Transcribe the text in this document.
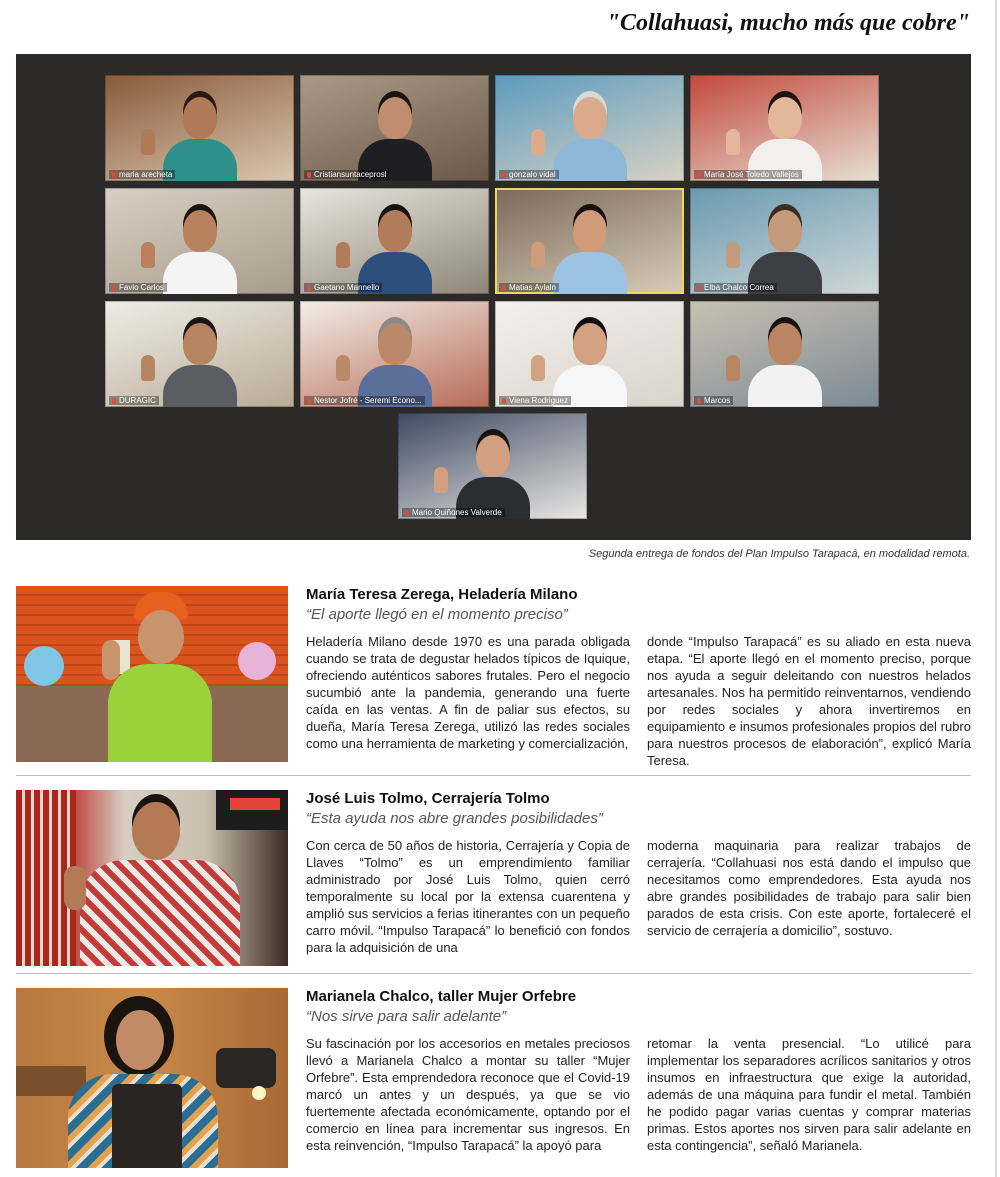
"Collahuasi, mucho más que cobre"
maria arecheta	Cristiansuntaceprosl	gonzalo vidal	María José Toledo Vallejos
Favio Carlos	Gaetano Mannello	Matias Aylaln	Elba Chalco Correa
DURAGIC	Nestor Jofré - Seremi Econo...	Viena Rodriguez	Marcos
Mario Quiñones Valverde
Segunda entrega de fondos del Plan Impulso Tarapacá, en modalidad remota.
María Teresa Zerega, Heladería Milano
“El aporte llegó en el momento preciso”

Heladería Milano desde 1970 es una parada obligada cuando se trata de degustar helados típicos de Iquique, ofreciendo auténticos sabores frutales. Pero el negocio sucumbió ante la pandemia, generando una fuerte caída en las ventas. A fin de paliar sus efectos, su dueña, María Teresa Zerega, utilizó las redes sociales como una herramienta de marketing y comercialización,

donde “Impulso Tarapacá” es su aliado en esta nueva etapa. “El aporte llegó en el momento preciso, porque nos ayuda a seguir deleitando con nuestros helados artesanales. Nos ha permitido reinventarnos, vendiendo por redes sociales y ahora invertiremos en equipamiento e insumos profesionales propios del rubro para nuestros procesos de elaboración”, explicó María Teresa.

José Luis Tolmo, Cerrajería Tolmo
“Esta ayuda nos abre grandes posibilidades”

Con cerca de 50 años de historia, Cerrajería y Copia de Llaves “Tolmo” es un emprendimiento familiar administrado por José Luis Tolmo, quien cerró temporalmente su local por la extensa cuarentena y amplió sus servicios a ferias itinerantes con un pequeño carro móvil. “Impulso Tarapacá” lo benefició con fondos para la adquisición de una

moderna maquinaria para realizar trabajos de cerrajería. “Collahuasi nos está dando el impulso que necesitamos como emprendedores. Esta ayuda nos abre grandes posibilidades de trabajo para salir bien parados de esta crisis. Con este aporte, fortaleceré el servicio de cerrajería a domicilio”, sostuvo.

Marianela Chalco, taller Mujer Orfebre
“Nos sirve para salir adelante”

Su fascinación por los accesorios en metales preciosos llevó a Marianela Chalco a montar su taller “Mujer Orfebre”. Esta emprendedora reconoce que el Covid-19 marcó un antes y un después, ya que se vio fuertemente afectada económicamente, optando por el comercio en línea para incrementar sus ingresos. En esta reinvención, “Impulso Tarapacá” la apoyó para

retomar la venta presencial. “Lo utilicé para implementar los separadores acrílicos sanitarios y otros insumos en infraestructura que exige la autoridad, además de una máquina para fundir el metal. También he podido pagar varias cuentas y comprar materias primas. Estos aportes nos sirven para salir adelante en esta contingencia”, señaló Marianela.
